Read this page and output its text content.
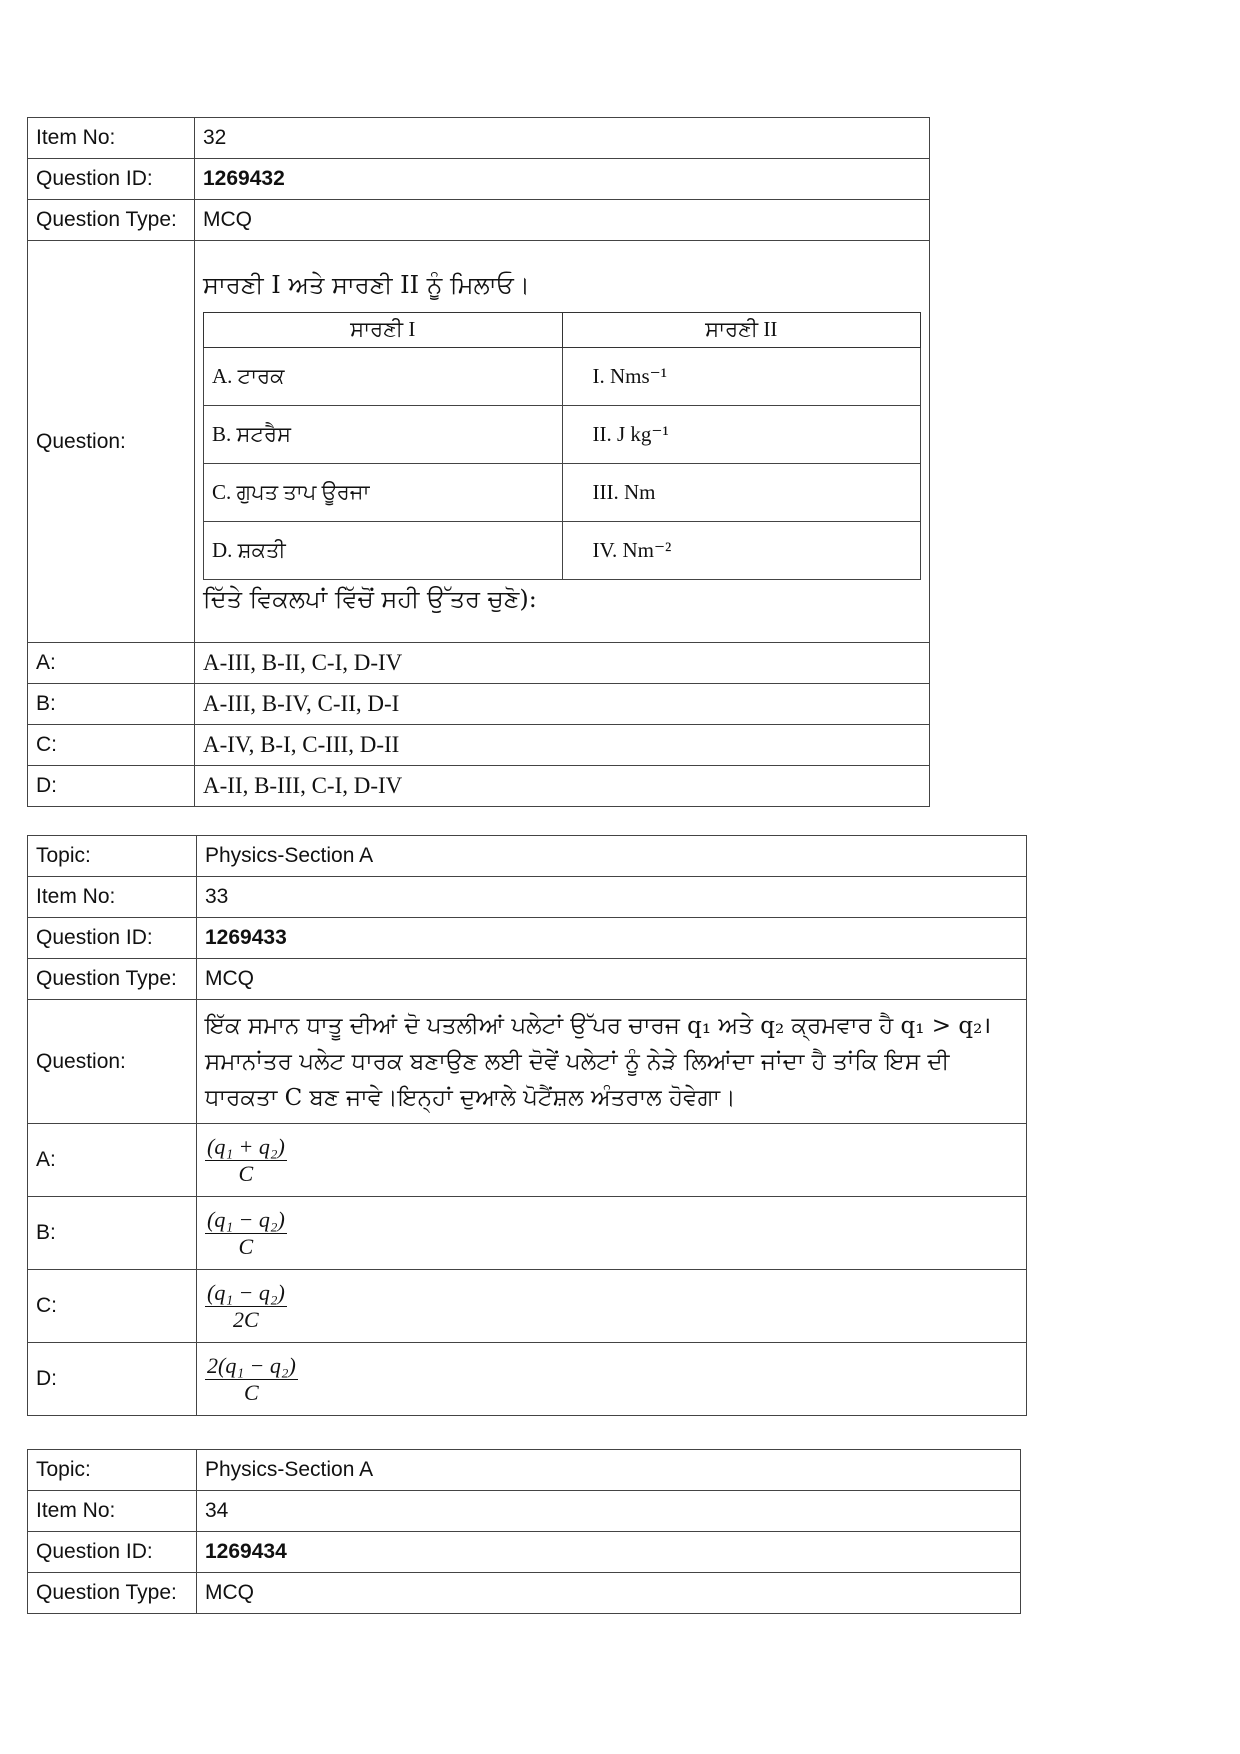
Item No:	32
Question ID:	1269432
Question Type:	MCQ
Question:	
ਸਾਰਣੀ I ਅਤੇ ਸਾਰਣੀ II ਨੂੰ ਮਿਲਾਓ।
ਸਾਰਣੀ I	ਸਾਰਣੀ II
A. ਟਾਰਕ	I. Nms⁻¹
B. ਸਟਰੈਸ	II. J kg⁻¹
C. ਗੁਪਤ ਤਾਪ ਊਰਜਾ	III. Nm
D. ਸ਼ਕਤੀ	IV. Nm⁻²
ਦਿੱਤੇ ਵਿਕਲਪਾਂ ਵਿੱਚੋਂ ਸਹੀ ਉੱਤਰ ਚੁਣੋ):

A:	A-III, B-II, C-I, D-IV
B:	A-III, B-IV, C-II, D-I
C:	A-IV, B-I, C-III, D-II
D:	A-II, B-III, C-I, D-IV
Topic:	Physics-Section A
Item No:	33
Question ID:	1269433
Question Type:	MCQ
Question:	ਇੱਕ ਸਮਾਨ ਧਾਤੂ ਦੀਆਂ ਦੋ ਪਤਲੀਆਂ ਪਲੇਟਾਂ ਉੱਪਰ ਚਾਰਜ q₁ ਅਤੇ q₂ ਕ੍ਰਮਵਾਰ ਹੈ q₁ > q₂।
ਸਮਾਨਾਂਤਰ ਪਲੇਟ ਧਾਰਕ ਬਣਾਉਣ ਲਈ ਦੋਵੇਂ ਪਲੇਟਾਂ ਨੂੰ ਨੇੜੇ ਲਿਆਂਦਾ ਜਾਂਦਾ ਹੈ ਤਾਂਕਿ ਇਸ ਦੀ
ਧਾਰਕਤਾ C ਬਣ ਜਾਵੇ।ਇਨ੍ਹਾਂ ਦੁਆਲੇ ਪੋਟੈਂਸ਼ਲ ਅੰਤਰਾਲ ਹੋਵੇਗਾ।

A:	$\frac{\text{(q₁ + q₂)}}{C}$

B:	$\frac{\text{(q₁ − q₂)}}{C}$

C:	$\frac{\text{(q₁ − q₂)}}{2C}$

D:	$\frac{\text{2(q₁ − q₂)}}{C}$
Topic:	Physics-Section A
Item No:	34
Question ID:	1269434
Question Type:	MCQ
